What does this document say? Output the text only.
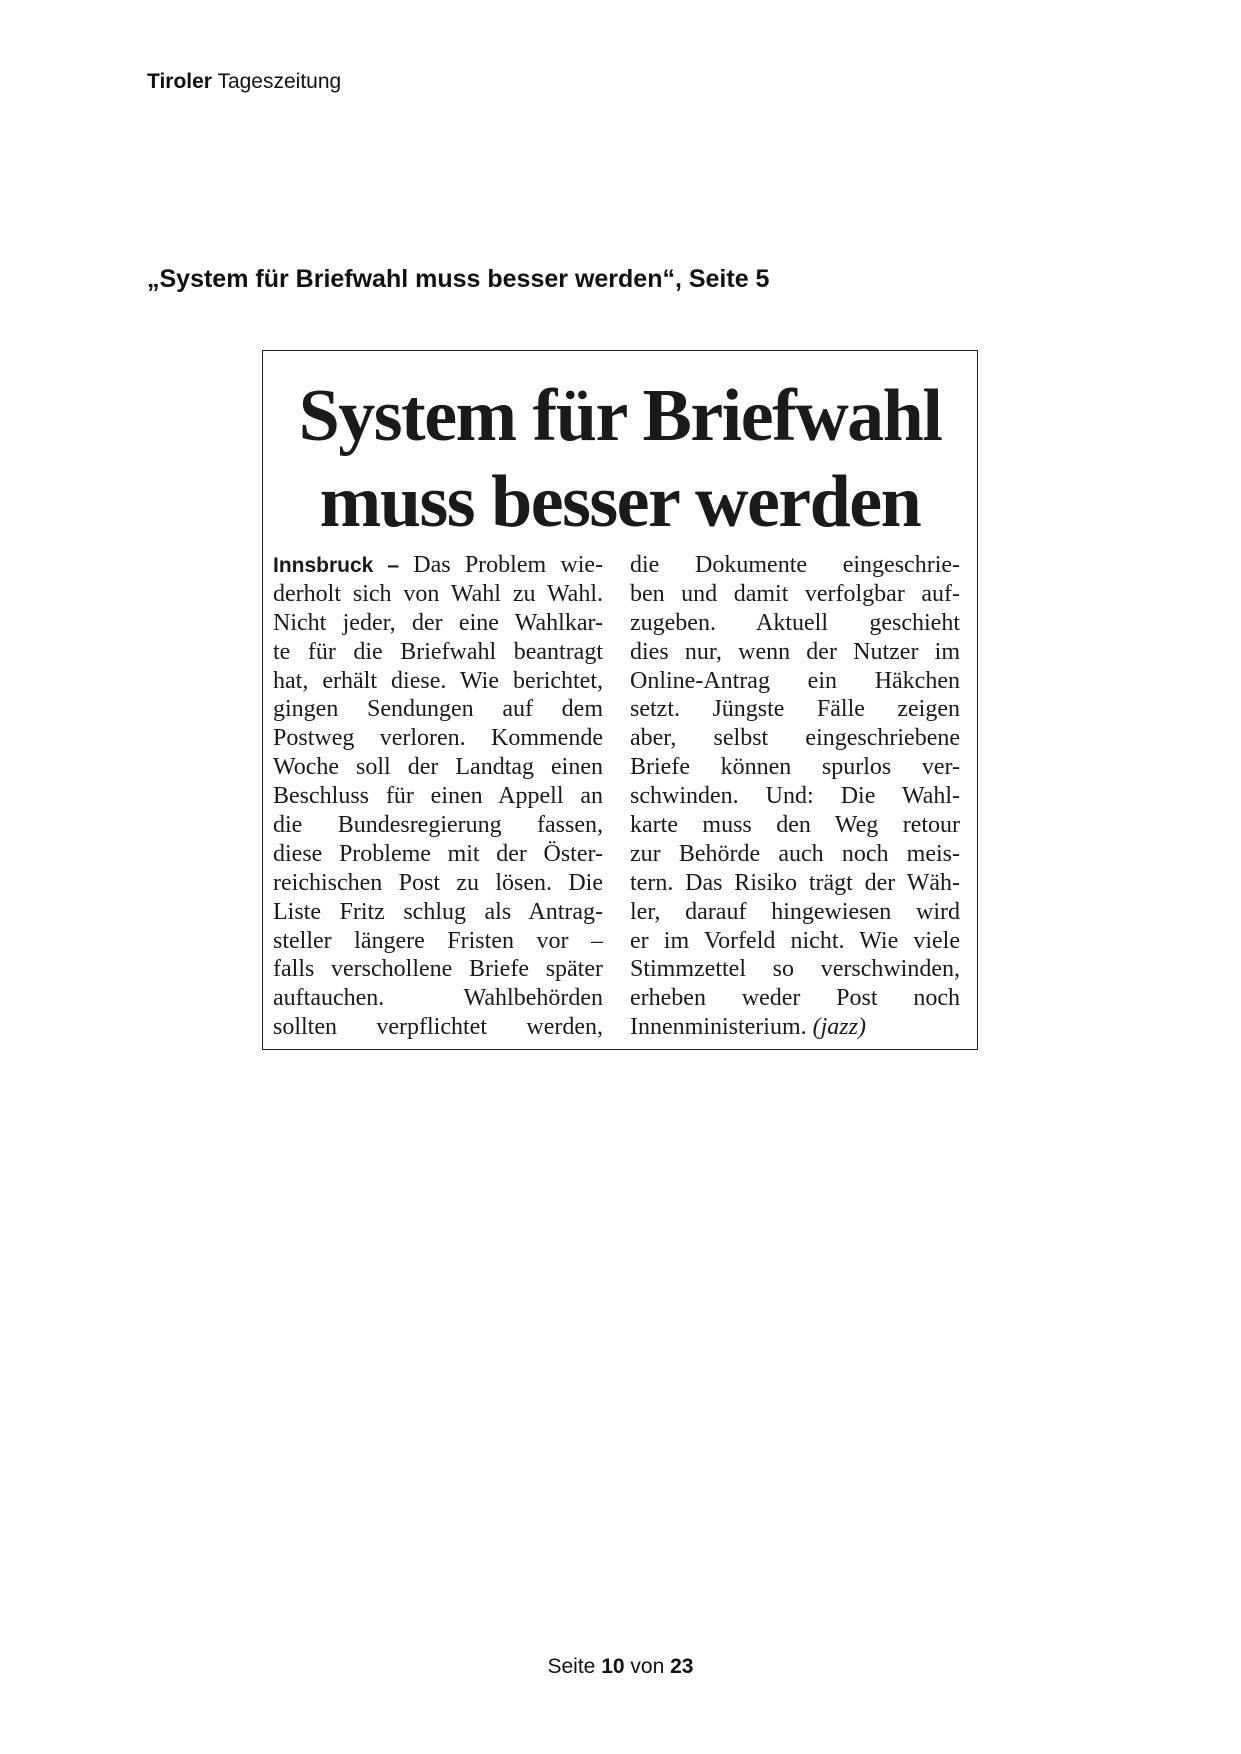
Tiroler Tageszeitung
„System für Briefwahl muss besser werden“, Seite 5
System für Briefwahl
muss besser werden
Innsbruck – Das Problem wie-
derholt sich von Wahl zu Wahl.
Nicht jeder, der eine Wahlkar-
te für die Briefwahl beantragt
hat, erhält diese. Wie berichtet,
gingen Sendungen auf dem
Postweg verloren. Kommende
Woche soll der Landtag einen
Beschluss für einen Appell an
die Bundesregierung fassen,
diese Probleme mit der Öster-
reichischen Post zu lösen. Die
Liste Fritz schlug als Antrag-
steller längere Fristen vor –
falls verschollene Briefe später
auftauchen. Wahlbehörden
sollten verpflichtet werden,
die Dokumente eingeschrie-
ben und damit verfolgbar auf-
zugeben. Aktuell geschieht
dies nur, wenn der Nutzer im
Online-Antrag ein Häkchen
setzt. Jüngste Fälle zeigen
aber, selbst eingeschriebene
Briefe können spurlos ver-
schwinden. Und: Die Wahl-
karte muss den Weg retour
zur Behörde auch noch meis-
tern. Das Risiko trägt der Wäh-
ler, darauf hingewiesen wird
er im Vorfeld nicht. Wie viele
Stimmzettel so verschwinden,
erheben weder Post noch
Innenministerium. (jazz)
Seite 10 von 23
